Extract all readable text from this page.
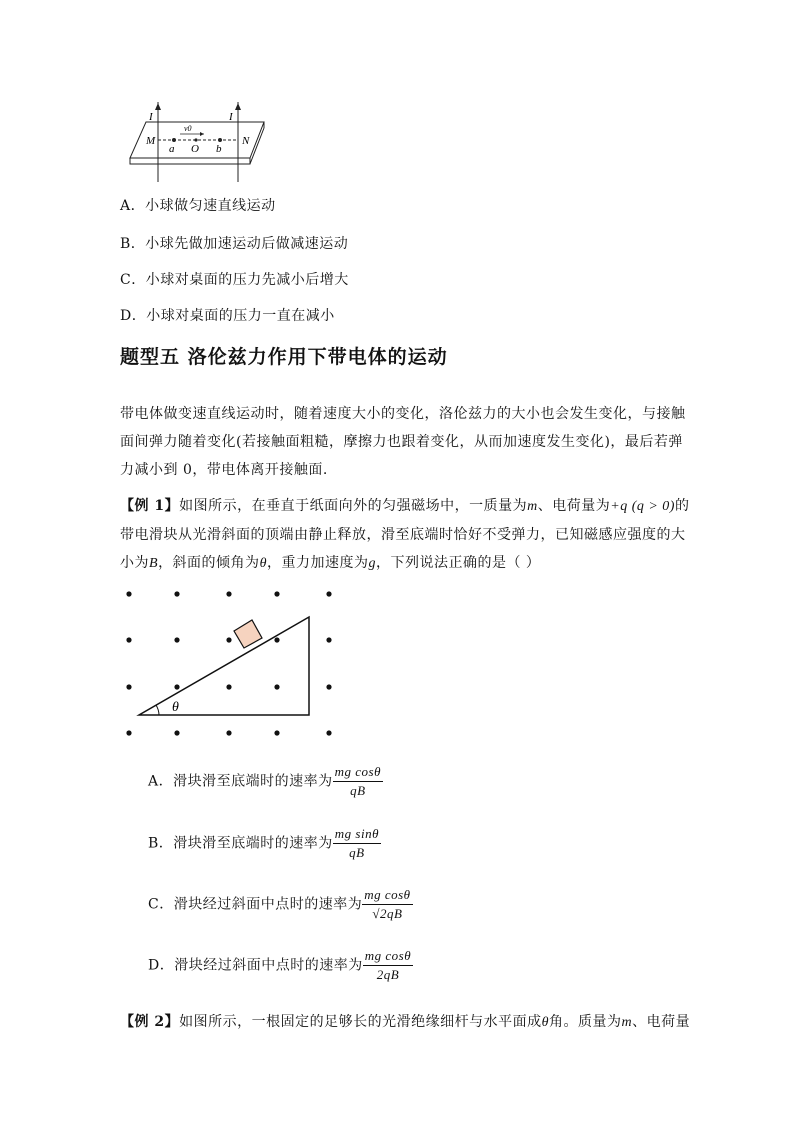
I	I
M	N
v0
a O b
A．小球做匀速直线运动
B．小球先做加速运动后做减速运动
C．小球对桌面的压力先减小后增大
D．小球对桌面的压力一直在减小
题型五 洛伦兹力作用下带电体的运动
带电体做变速直线运动时，随着速度大小的变化，洛伦兹力的大小也会发生变化，与接触
面间弹力随着变化(若接触面粗糙，摩擦力也跟着变化，从而加速度发生变化)，最后若弹
力减小到 0，带电体离开接触面.
【例 1】如图所示，在垂直于纸面向外的匀强磁场中，一质量为m、电荷量为+q (q > 0)的
带电滑块从光滑斜面的顶端由静止释放，滑至底端时恰好不受弹力，已知磁感应强度的大
小为B，斜面的倾角为θ，重力加速度为g，下列说法正确的是（ ）
θ
A．滑块滑至底端时的速率为 $\frac{\text{mg cosθ}}{qB}$
B．滑块滑至底端时的速率为 $\frac{\text{mg sinθ}}{qB}$
C．滑块经过斜面中点时的速率为 $\frac{\text{mg cosθ}}{√2qB}$
D．滑块经过斜面中点时的速率为 $\frac{\text{mg cosθ}}{2qB}$
【例 2】如图所示，一根固定的足够长的光滑绝缘细杆与水平面成θ角。质量为m、电荷量
